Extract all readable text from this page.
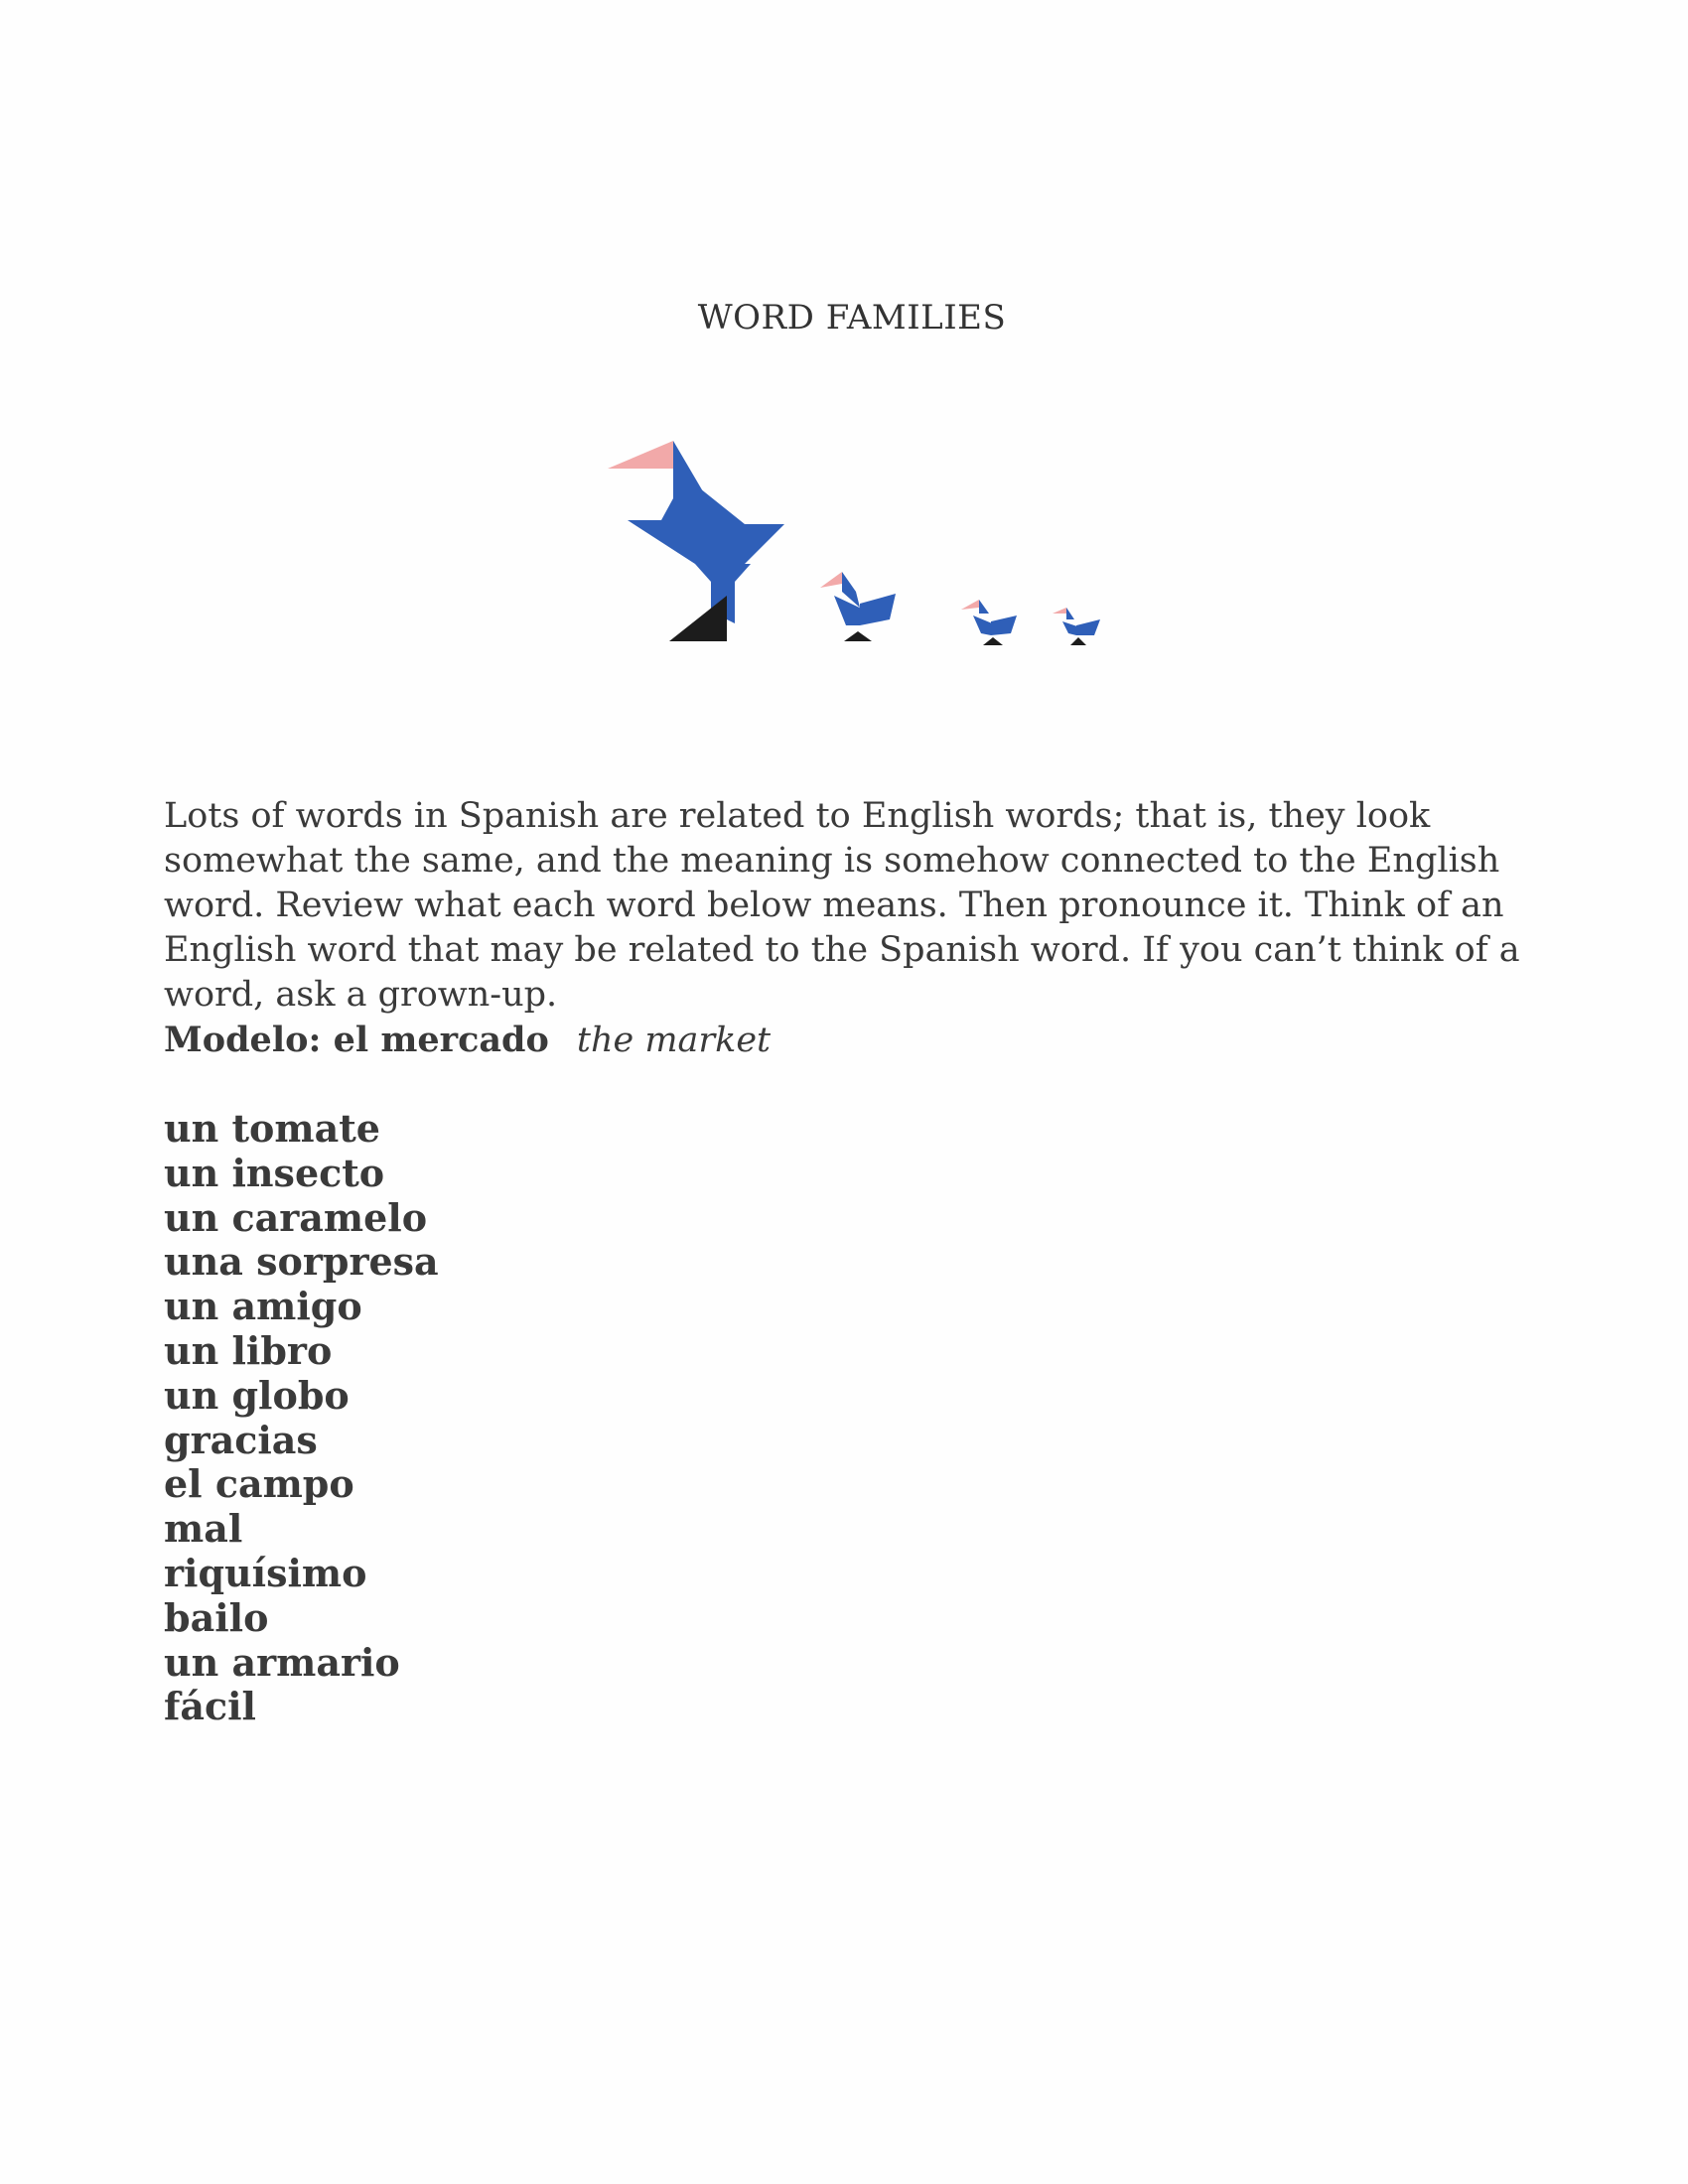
WORD FAMILIES

Lots of words in Spanish are related to English words; that is, they look somewhat the same, and the meaning is somehow connected to the English word. Review what each word below means. Then pronounce it. Think of an English word that may be related to the Spanish word. If you can’t think of a word, ask a grown-up.

Modelo: el mercado the market
un tomate
un insecto
un caramelo
una sorpresa
un amigo
un libro
un globo
gracias
el campo
mal
riquísimo
bailo
un armario
fácil
